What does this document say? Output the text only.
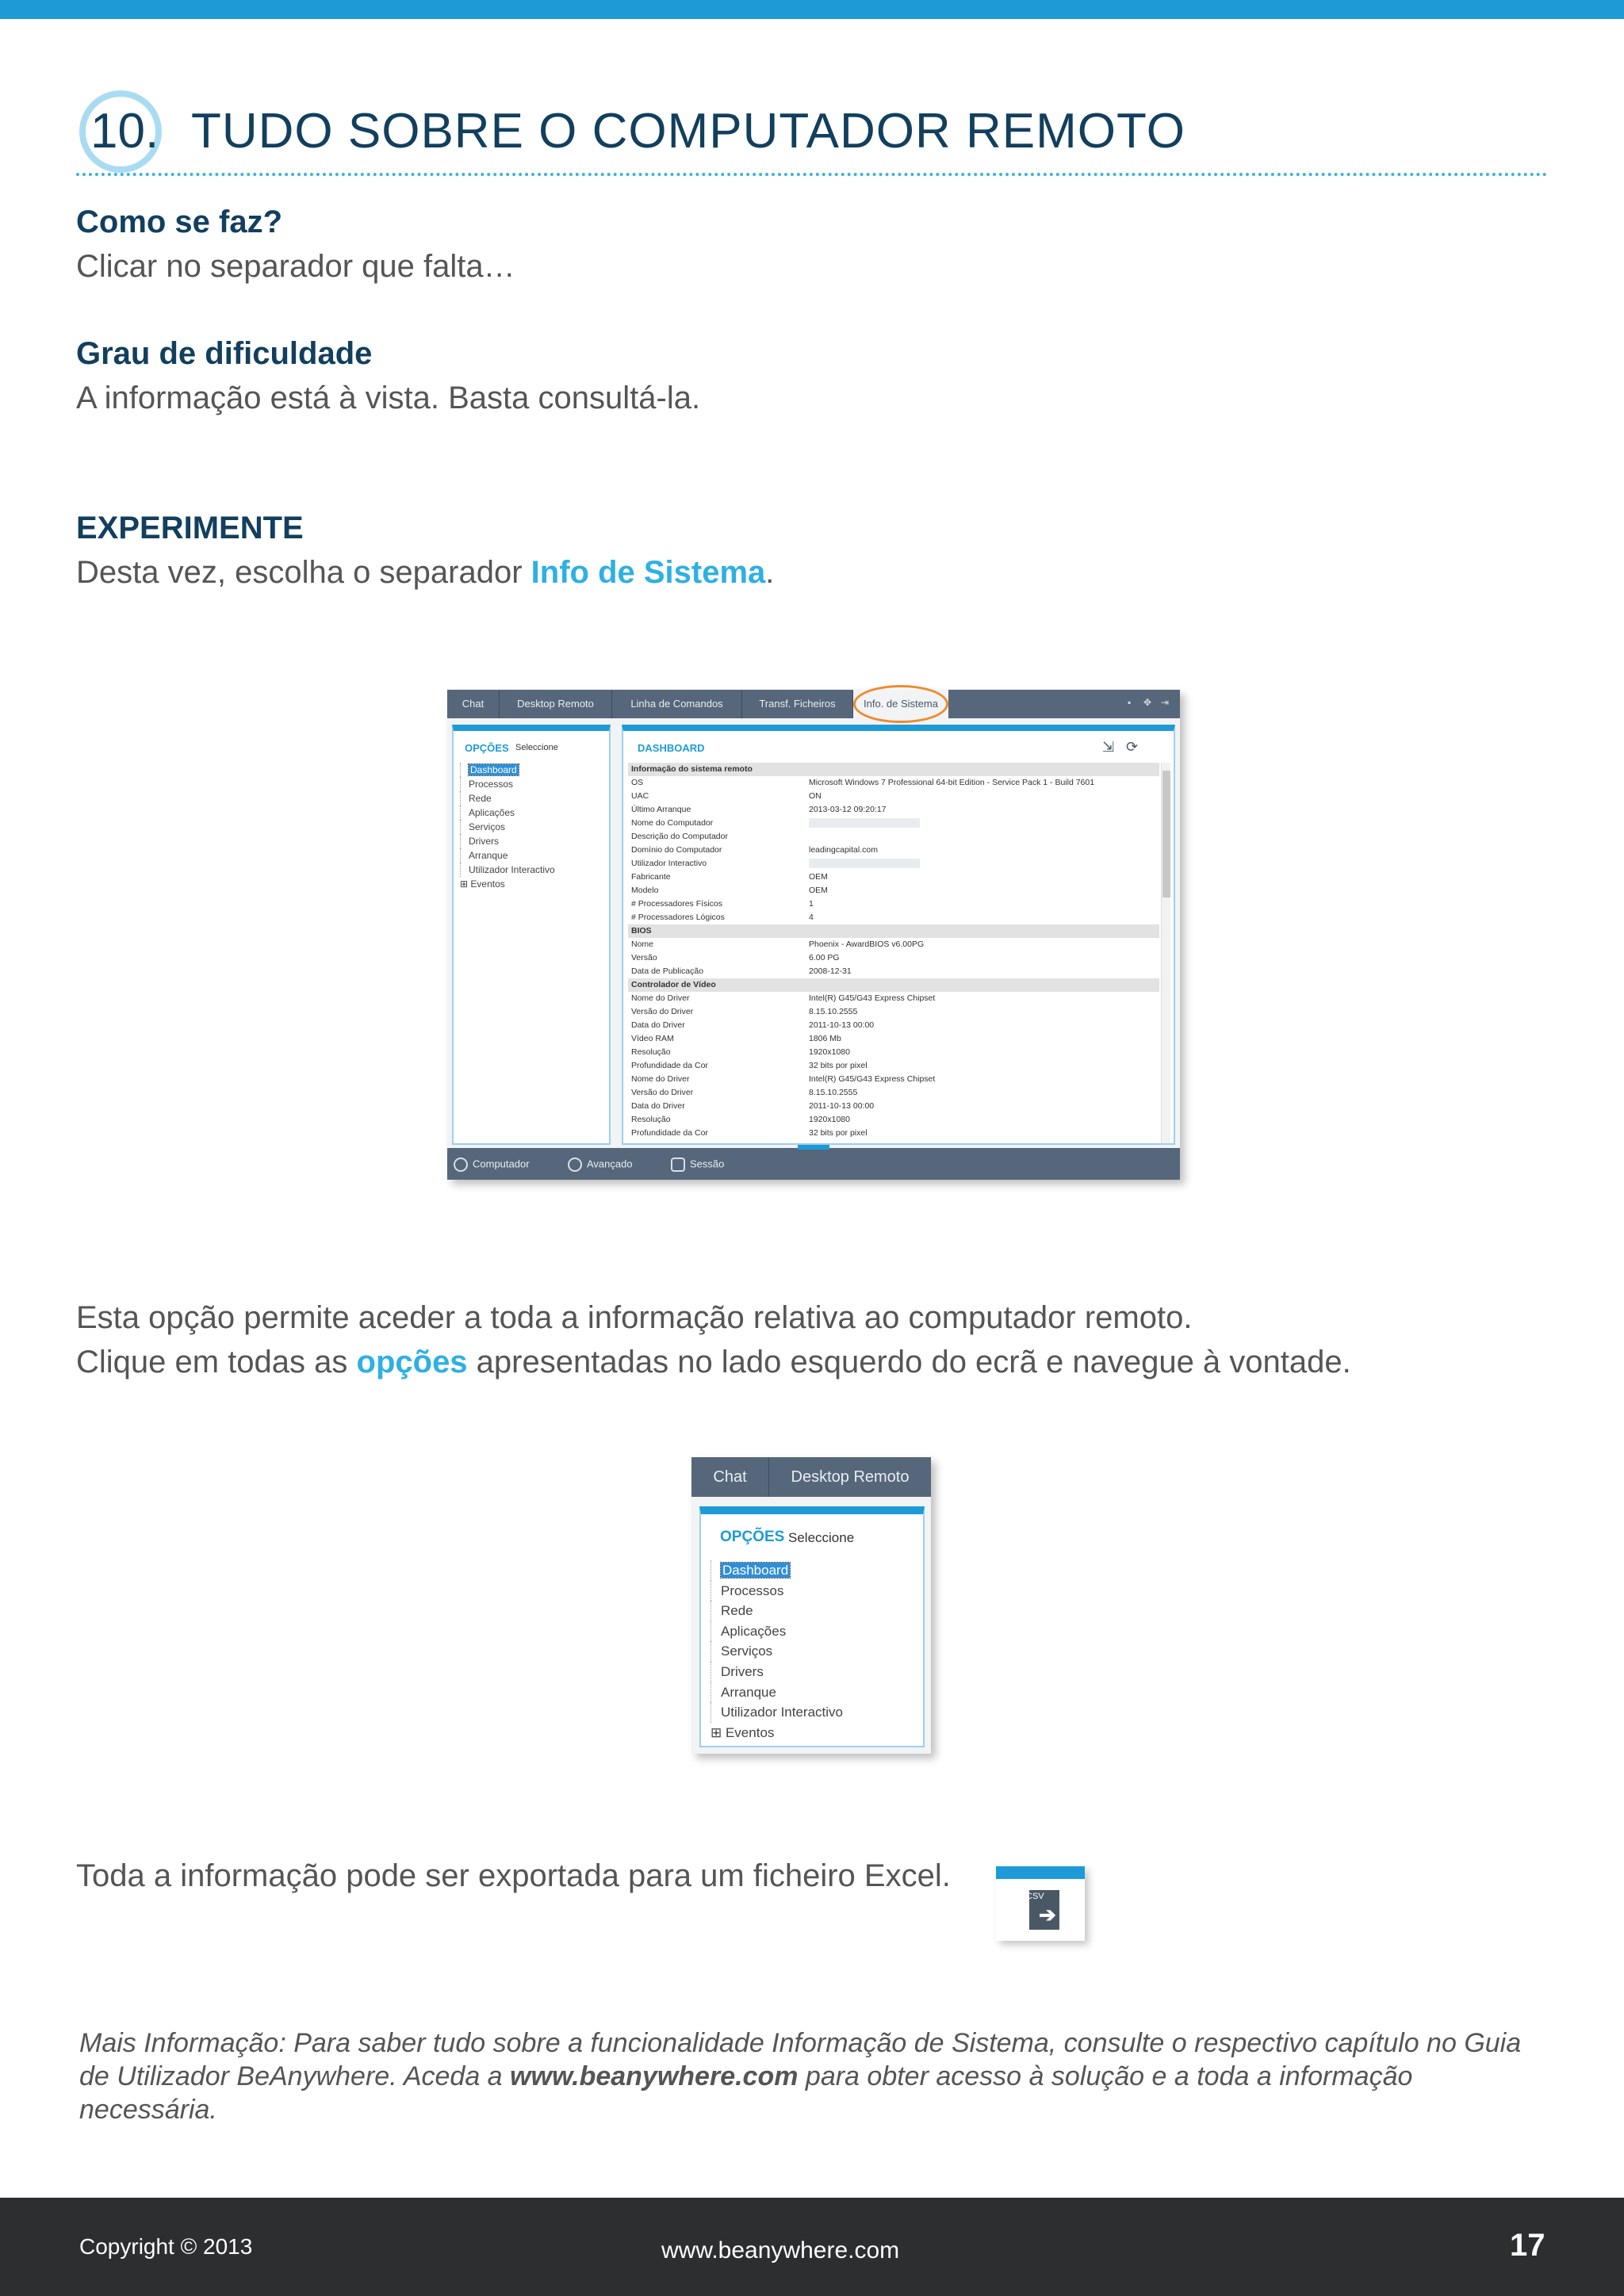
10. TUDO SOBRE O COMPUTADOR REMOTO
Como se faz?
Clicar no separador que falta…
Grau de dificuldade
A informação está à vista. Basta consultá-la.
EXPERIMENTE
Desta vez, escolha o separador Info de Sistema.
Chat	Desktop Remoto	Linha de Comandos	Transf. Ficheiros	Info. de Sistema	▪	✥ ⇥
OPÇÕES Seleccione
Dashboard
Processos
Rede
Aplicações
Serviços
Drivers
Arranque
Utilizador Interactivo
⊞ Eventos
DASHBOARD	⇲ ⟳
Informação do sistema remoto
OS	Microsoft Windows 7 Professional 64-bit Edition - Service Pack 1 - Build 7601
UAC	ON
Último Arranque	2013-03-12 09:20:17
Nome do Computador
Descrição do Computador
Domínio do Computador	leadingcapital.com
Utilizador Interactivo
Fabricante	OEM
Modelo	OEM
# Processadores Físicos	1
# Processadores Lógicos	4
BIOS
Nome	Phoenix - AwardBIOS v6.00PG
Versão	6.00 PG
Data de Publicação	2008-12-31
Controlador de Vídeo
Nome do Driver	Intel(R) G45/G43 Express Chipset
Versão do Driver	8.15.10.2555
Data do Driver	2011-10-13 00:00
Vídeo RAM	1806 Mb
Resolução	1920x1080
Profundidade da Cor	32 bits por pixel
Nome do Driver	Intel(R) G45/G43 Express Chipset
Versão do Driver	8.15.10.2555
Data do Driver	2011-10-13 00:00
Resolução	1920x1080
Profundidade da Cor	32 bits por pixel
Computador	Avançado	Sessão
Esta opção permite aceder a toda a informação relativa ao computador remoto.
Clique em todas as opções apresentadas no lado esquerdo do ecrã e navegue à vontade.
Chat	Desktop Remoto
OPÇÕES Seleccione
Dashboard
Processos
Rede
Aplicações
Serviços
Drivers
Arranque
Utilizador Interactivo
⊞ Eventos
Toda a informação pode ser exportada para um ficheiro Excel.
CSV
➔
Mais Informação: Para saber tudo sobre a funcionalidade Informação de Sistema, consulte o respectivo capítulo no Guia de Utilizador BeAnywhere. Aceda a www.beanywhere.com para obter acesso à solução e a toda a informação necessária.
Copyright © 2013	www.beanywhere.com	17
